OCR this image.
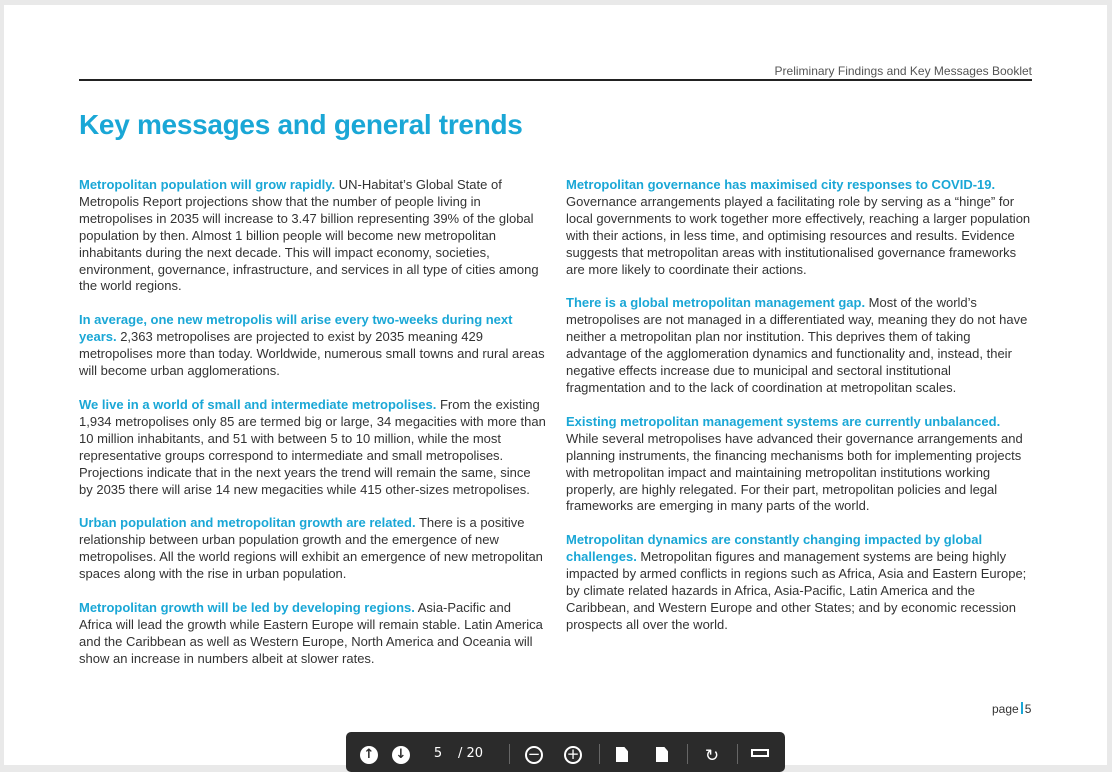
Preliminary Findings and Key Messages Booklet
Key messages and general trends

Metropolitan population will grow rapidly. UN-Habitat’s Global State of Metropolis Report projections show that the number of people living in metropolises in 2035 will increase to 3.47 billion representing 39% of the global population by then. Almost 1 billion people will become new metropolitan inhabitants during the next decade. This will impact economy, societies, environment, governance, infrastructure, and services in all type of cities among the world regions.

In average, one new metropolis will arise every two-weeks during next years. 2,363 metropolises are projected to exist by 2035 meaning 429 metropolises more than today. Worldwide, numerous small towns and rural areas will become urban agglomerations.

We live in a world of small and intermediate metropolises. From the existing 1,934 metropolises only 85 are termed big or large, 34 megacities with more than 10 million inhabitants, and 51 with between 5 to 10 million, while the most representative groups correspond to intermediate and small metropolises. Projections indicate that in the next years the trend will remain the same, since by 2035 there will arise 14 new megacities while 415 other-sizes metropolises.

Urban population and metropolitan growth are related. There is a positive relationship between urban population growth and the emergence of new metropolises. All the world regions will exhibit an emergence of new metropolitan spaces along with the rise in urban population.

Metropolitan growth will be led by developing regions. Asia-Pacific and Africa will lead the growth while Eastern Europe will remain stable. Latin America and the Caribbean as well as Western Europe, North America and Oceania will show an increase in numbers albeit at slower rates.

Metropolitan governance has maximised city responses to COVID-19. Governance arrangements played a facilitating role by serving as a “hinge” for local governments to work together more effectively, reaching a larger population with their actions, in less time, and optimising resources and results. Evidence suggests that metropolitan areas with institutionalised governance frameworks are more likely to coordinate their actions.

There is a global metropolitan management gap. Most of the world’s metropolises are not managed in a differentiated way, meaning they do not have neither a metropolitan plan nor institution. This deprives them of taking advantage of the agglomeration dynamics and functionality and, instead, their negative effects increase due to municipal and sectoral institutional fragmentation and to the lack of coordination at metropolitan scales.

Existing metropolitan management systems are currently unbalanced. While several metropolises have advanced their governance arrangements and planning instruments, the financing mechanisms both for implementing projects with metropolitan impact and maintaining metropolitan institutions working properly, are highly relegated. For their part, metropolitan policies and legal frameworks are emerging in many parts of the world.

Metropolitan dynamics are constantly changing impacted by global challenges. Metropolitan figures and management systems are being highly impacted by armed conflicts in regions such as Africa, Asia and Eastern Europe; by climate related hazards in Africa, Asia-Pacific, Latin America and the Caribbean, and Western Europe and other States; and by economic recession prospects all over the world.

page 5
↑ ↓	5 / 20	− +	↻
